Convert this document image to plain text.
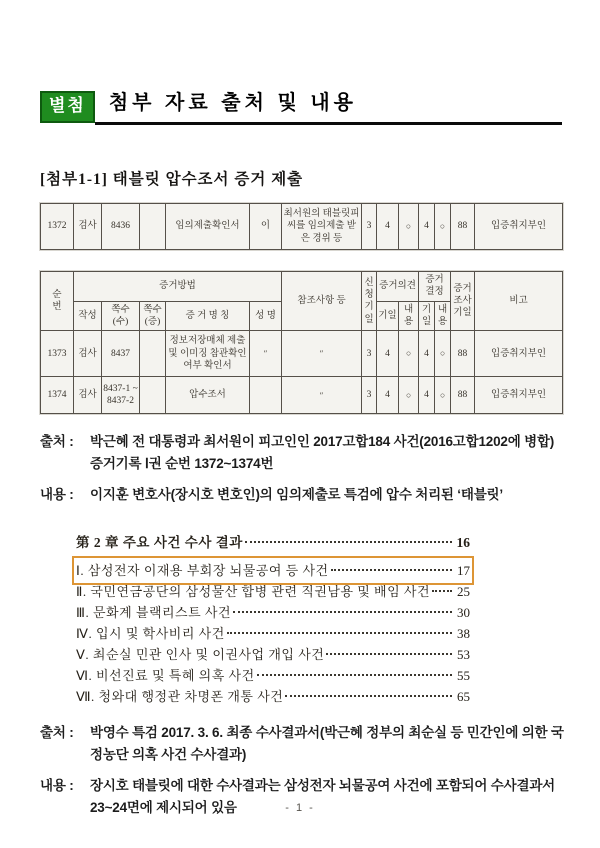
별첨	첨부 자료 출처 및 내용
[첨부1-1] 태블릿 압수조서 증거 제출
1372	검사	8436		임의제출확인서	이	최서원의 태블릿피씨를 임의제출 받은 경위 등	3	4	○	4	○	88	입증취지부인
순번	증거방법					참조사항 등	신청기일	증거의견		증거결정		증거조사기일	비고
	작성	쪽수(수)	쪽수(증)	증 거 명 칭	성 명			기일	내용	기일	내용		
1373	검사	8437		정보저장매체 제출 및 이미징 참관확인 여부 확인서	″	″	3	4	○	4	○	88	입증취지부인
1374	검사	8437-1 ~ 8437-2		압수조서		″	3	4	○	4	○	88	입증취지부인

출처 :	박근혜 전 대통령과 최서원이 피고인인 2017고합184 사건(2016고합1202에 병합) 증거기록 Ⅰ권 순번 1372~1374번

내용 :	이지훈 변호사(장시호 변호인)의 임의제출로 특검에 압수 처리된 ‘태블릿’

第 2 章 주요 사건 수사 결과	16
Ⅰ. 삼성전자 이재용 부회장 뇌물공여 등 사건	17
Ⅱ. 국민연금공단의 삼성물산 합병 관련 직권남용 및 배임 사건 25
Ⅲ. 문화계 블랙리스트 사건	30
Ⅳ. 입시 및 학사비리 사건	38
Ⅴ. 최순실 민관 인사 및 이권사업 개입 사건	53
Ⅵ. 비선진료 및 특혜 의혹 사건	55
Ⅶ. 청와대 행정관 차명폰 개통 사건	65

출처 :	박영수 특검 2017. 3. 6. 최종 수사결과서(박근혜 정부의 최순실 등 민간인에 의한 국정농단 의혹 사건 수사결과)

내용 :	장시호 태블릿에 대한 수사결과는 삼성전자 뇌물공여 사건에 포함되어 수사결과서 23~24면에 제시되어 있음	- 1 -
